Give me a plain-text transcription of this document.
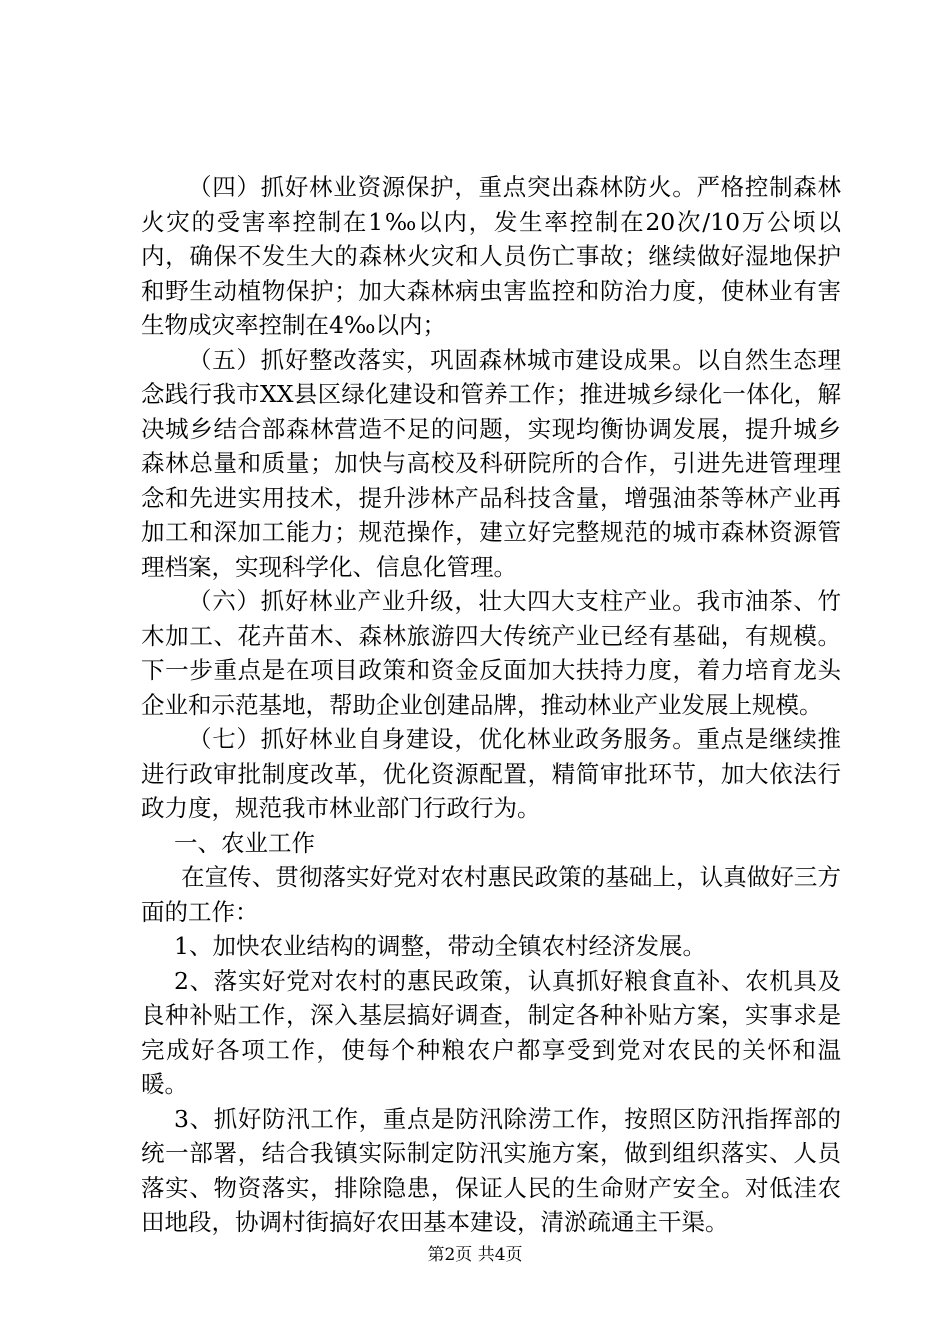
（四）抓好林业资源保护，重点突出森林防火。严格控制森林火灾的受害率控制在1‰以内，发生率控制在20次/10万公顷以内，确保不发生大的森林火灾和人员伤亡事故；继续做好湿地保护和野生动植物保护；加大森林病虫害监控和防治力度，使林业有害生物成灾率控制在4‰以内；

（五）抓好整改落实，巩固森林城市建设成果。以自然生态理念践行我市XX县区绿化建设和管养工作；推进城乡绿化一体化，解决城乡结合部森林营造不足的问题，实现均衡协调发展，提升城乡森林总量和质量；加快与高校及科研院所的合作，引进先进管理理念和先进实用技术，提升涉林产品科技含量，增强油茶等林产业再加工和深加工能力；规范操作，建立好完整规范的城市森林资源管理档案，实现科学化、信息化管理。

（六）抓好林业产业升级，壮大四大支柱产业。我市油茶、竹木加工、花卉苗木、森林旅游四大传统产业已经有基础，有规模。下一步重点是在项目政策和资金反面加大扶持力度，着力培育龙头企业和示范基地，帮助企业创建品牌，推动林业产业发展上规模。

（七）抓好林业自身建设，优化林业政务服务。重点是继续推进行政审批制度改革，优化资源配置，精简审批环节，加大依法行政力度，规范我市林业部门行政行为。

一、农业工作

在宣传、贯彻落实好党对农村惠民政策的基础上，认真做好三方面的工作：

1、加快农业结构的调整，带动全镇农村经济发展。

2、落实好党对农村的惠民政策，认真抓好粮食直补、农机具及良种补贴工作，深入基层搞好调查，制定各种补贴方案，实事求是完成好各项工作，使每个种粮农户都享受到党对农民的关怀和温暖。

3、抓好防汛工作，重点是防汛除涝工作，按照区防汛指挥部的统一部署，结合我镇实际制定防汛实施方案，做到组织落实、人员落实、物资落实，排除隐患，保证人民的生命财产安全。对低洼农田地段，协调村街搞好农田基本建设，清淤疏通主干渠。

第2页 共4页
